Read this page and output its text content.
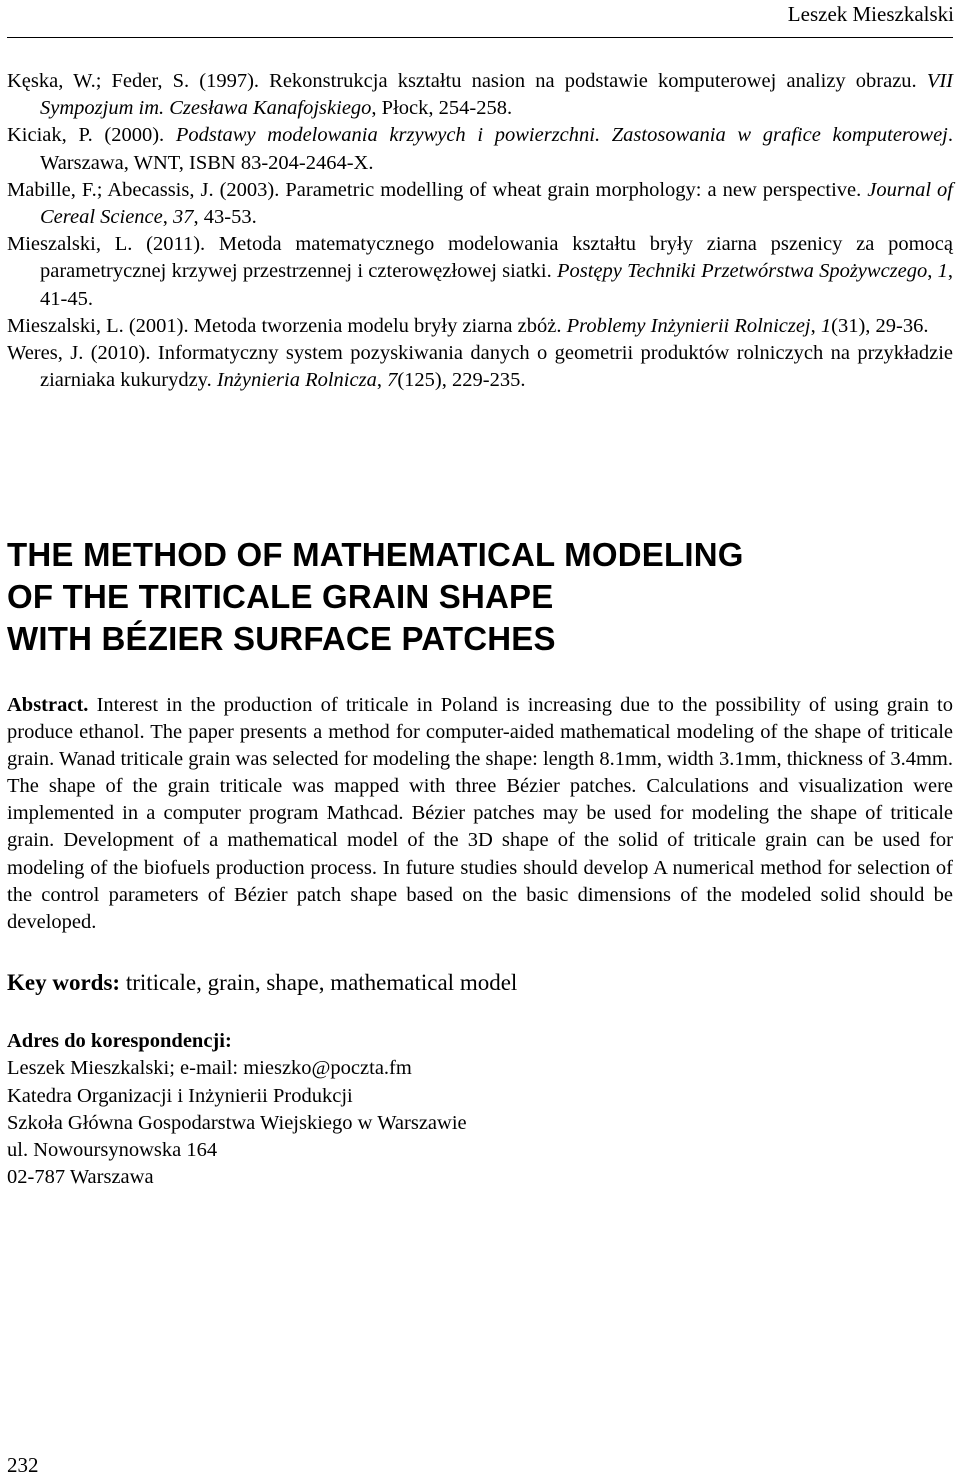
Leszek Mieszkalski

Kęska, W.; Feder, S. (1997). Rekonstrukcja kształtu nasion na podstawie komputerowej analizy obrazu. VII Sympozjum im. Czesława Kanafojskiego, Płock, 254-258.

Kiciak, P. (2000). Podstawy modelowania krzywych i powierzchni. Zastosowania w grafice komputerowej. Warszawa, WNT, ISBN 83-204-2464-X.

Mabille, F.; Abecassis, J. (2003). Parametric modelling of wheat grain morphology: a new perspective. Journal of Cereal Science, 37, 43-53.

Mieszalski, L. (2011). Metoda matematycznego modelowania kształtu bryły ziarna pszenicy za pomocą parametrycznej krzywej przestrzennej i czterowęzłowej siatki. Postępy Techniki Przetwórstwa Spożywczego, 1, 41-45.

Mieszalski, L. (2001). Metoda tworzenia modelu bryły ziarna zbóż. Problemy Inżynierii Rolniczej, 1(31), 29-36.

Weres, J. (2010). Informatyczny system pozyskiwania danych o geometrii produktów rolniczych na przykładzie ziarniaka kukurydzy. Inżynieria Rolnicza, 7(125), 229-235.

THE METHOD OF MATHEMATICAL MODELING
OF THE TRITICALE GRAIN SHAPE
WITH BÉZIER SURFACE PATCHES

Abstract. Interest in the production of triticale in Poland is increasing due to the possibility of using grain to produce ethanol. The paper presents a method for computer-aided mathematical modeling of the shape of triticale grain. Wanad triticale grain was selected for modeling the shape: length 8.1mm, width 3.1mm, thickness of 3.4mm. The shape of the grain triticale was mapped with three Bézier patches. Calculations and visualization were implemented in a computer program Mathcad. Bézier patches may be used for modeling the shape of triticale grain. Development of a mathematical model of the 3D shape of the solid of triticale grain can be used for modeling of the biofuels production process. In future studies should develop A numerical method for selection of the control parameters of Bézier patch shape based on the basic dimensions of the modeled solid should be developed.

Key words: triticale, grain, shape, mathematical model
Adres do korespondencji:
Leszek Mieszkalski; e-mail: mieszko@poczta.fm
Katedra Organizacji i Inżynierii Produkcji
Szkoła Główna Gospodarstwa Wiejskiego w Warszawie
ul. Nowoursynowska 164
02-787 Warszawa
232
